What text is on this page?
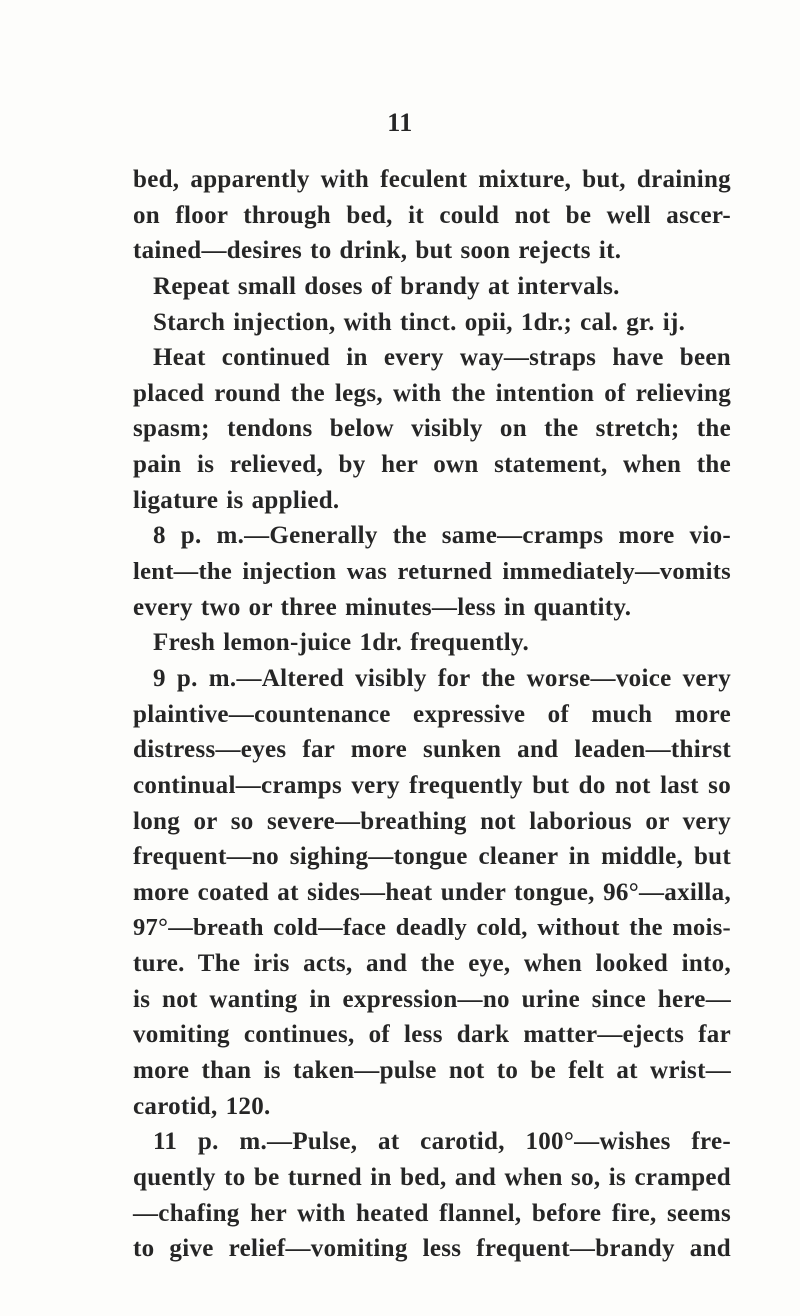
11
bed, apparently with feculent mixture, but, draining
on floor through bed, it could not be well ascer-
tained—desires to drink, but soon rejects it.
Repeat small doses of brandy at intervals.
Starch injection, with tinct. opii, 1dr.; cal. gr. ij.
Heat continued in every way—straps have been
placed round the legs, with the intention of relieving
spasm; tendons below visibly on the stretch; the
pain is relieved, by her own statement, when the
ligature is applied.
8 p. m.—Generally the same—cramps more vio-
lent—the injection was returned immediately—vomits
every two or three minutes—less in quantity.
Fresh lemon-juice 1dr. frequently.
9 p. m.—Altered visibly for the worse—voice very
plaintive—countenance expressive of much more
distress—eyes far more sunken and leaden—thirst
continual—cramps very frequently but do not last so
long or so severe—breathing not laborious or very
frequent—no sighing—tongue cleaner in middle, but
more coated at sides—heat under tongue, 96°—axilla,
97°—breath cold—face deadly cold, without the mois-
ture. The iris acts, and the eye, when looked into,
is not wanting in expression—no urine since here—
vomiting continues, of less dark matter—ejects far
more than is taken—pulse not to be felt at wrist—
carotid, 120.
11 p. m.—Pulse, at carotid, 100°—wishes fre-
quently to be turned in bed, and when so, is cramped
—chafing her with heated flannel, before fire, seems
to give relief—vomiting less frequent—brandy and
